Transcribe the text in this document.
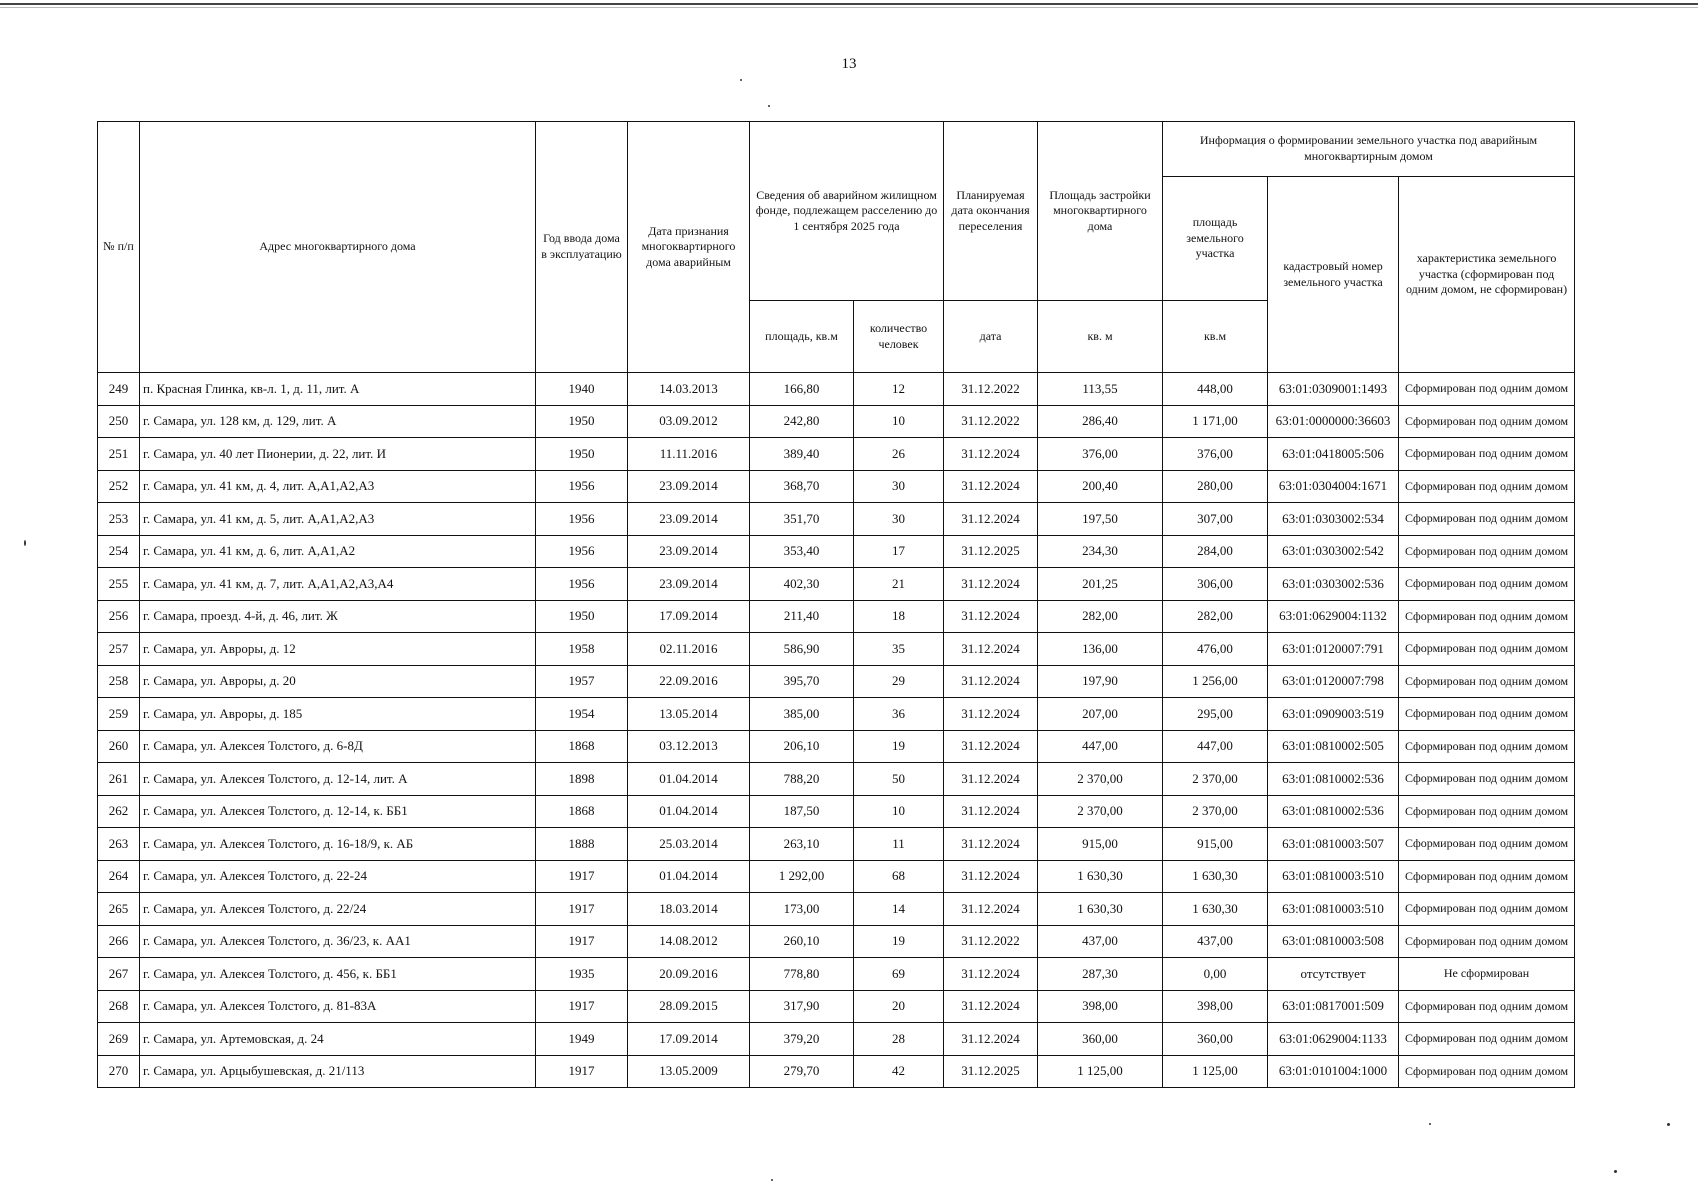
13
№ п/п	Адрес многоквартирного дома	Год ввода дома в эксплуатацию	Дата признания многоквартирного дома аварийным	Сведения об аварийном жилищном фонде, подлежащем расселению до 1 сентября 2025 года		Планируемая дата окончания переселения	Площадь застройки многоквартирного дома	Информация о формировании земельного участка под аварийным многоквартирным домом		
								площадь земельного участка	кадастровый номер земельного участка	характеристика земельного участка (сформирован под одним домом, не сформирован)
				площадь, кв.м	количество человек	дата	кв. м	кв.м		
249	п. Красная Глинка, кв-л. 1, д. 11, лит. А	1940	14.03.2013	166,80	12	31.12.2022	113,55	448,00	63:01:0309001:1493	Сформирован под одним домом
250	г. Самара, ул. 128 км, д. 129, лит. А	1950	03.09.2012	242,80	10	31.12.2022	286,40	1 171,00	63:01:0000000:36603	Сформирован под одним домом
251	г. Самара, ул. 40 лет Пионерии, д. 22, лит. И	1950	11.11.2016	389,40	26	31.12.2024	376,00	376,00	63:01:0418005:506	Сформирован под одним домом
252	г. Самара, ул. 41 км, д. 4, лит. А,А1,А2,А3	1956	23.09.2014	368,70	30	31.12.2024	200,40	280,00	63:01:0304004:1671	Сформирован под одним домом
253	г. Самара, ул. 41 км, д. 5, лит. А,А1,А2,А3	1956	23.09.2014	351,70	30	31.12.2024	197,50	307,00	63:01:0303002:534	Сформирован под одним домом
254	г. Самара, ул. 41 км, д. 6, лит. А,А1,А2	1956	23.09.2014	353,40	17	31.12.2025	234,30	284,00	63:01:0303002:542	Сформирован под одним домом
255	г. Самара, ул. 41 км, д. 7, лит. А,А1,А2,А3,А4	1956	23.09.2014	402,30	21	31.12.2024	201,25	306,00	63:01:0303002:536	Сформирован под одним домом
256	г. Самара, проезд. 4-й, д. 46, лит. Ж	1950	17.09.2014	211,40	18	31.12.2024	282,00	282,00	63:01:0629004:1132	Сформирован под одним домом
257	г. Самара, ул. Авроры, д. 12	1958	02.11.2016	586,90	35	31.12.2024	136,00	476,00	63:01:0120007:791	Сформирован под одним домом
258	г. Самара, ул. Авроры, д. 20	1957	22.09.2016	395,70	29	31.12.2024	197,90	1 256,00	63:01:0120007:798	Сформирован под одним домом
259	г. Самара, ул. Авроры, д. 185	1954	13.05.2014	385,00	36	31.12.2024	207,00	295,00	63:01:0909003:519	Сформирован под одним домом
260	г. Самара, ул. Алексея Толстого, д. 6-8Д	1868	03.12.2013	206,10	19	31.12.2024	447,00	447,00	63:01:0810002:505	Сформирован под одним домом
261	г. Самара, ул. Алексея Толстого, д. 12-14, лит. А	1898	01.04.2014	788,20	50	31.12.2024	2 370,00	2 370,00	63:01:0810002:536	Сформирован под одним домом
262	г. Самара, ул. Алексея Толстого, д. 12-14, к. ББ1	1868	01.04.2014	187,50	10	31.12.2024	2 370,00	2 370,00	63:01:0810002:536	Сформирован под одним домом
263	г. Самара, ул. Алексея Толстого, д. 16-18/9, к. АБ	1888	25.03.2014	263,10	11	31.12.2024	915,00	915,00	63:01:0810003:507	Сформирован под одним домом
264	г. Самара, ул. Алексея Толстого, д. 22-24	1917	01.04.2014	1 292,00	68	31.12.2024	1 630,30	1 630,30	63:01:0810003:510	Сформирован под одним домом
265	г. Самара, ул. Алексея Толстого, д. 22/24	1917	18.03.2014	173,00	14	31.12.2024	1 630,30	1 630,30	63:01:0810003:510	Сформирован под одним домом
266	г. Самара, ул. Алексея Толстого, д. 36/23, к. АА1	1917	14.08.2012	260,10	19	31.12.2022	437,00	437,00	63:01:0810003:508	Сформирован под одним домом
267	г. Самара, ул. Алексея Толстого, д. 456, к. ББ1	1935	20.09.2016	778,80	69	31.12.2024	287,30	0,00	отсутствует	Не сформирован
268	г. Самара, ул. Алексея Толстого, д. 81-83А	1917	28.09.2015	317,90	20	31.12.2024	398,00	398,00	63:01:0817001:509	Сформирован под одним домом
269	г. Самара, ул. Артемовская, д. 24	1949	17.09.2014	379,20	28	31.12.2024	360,00	360,00	63:01:0629004:1133	Сформирован под одним домом
270	г. Самара, ул. Арцыбушевская, д. 21/113	1917	13.05.2009	279,70	42	31.12.2025	1 125,00	1 125,00	63:01:0101004:1000	Сформирован под одним домом
